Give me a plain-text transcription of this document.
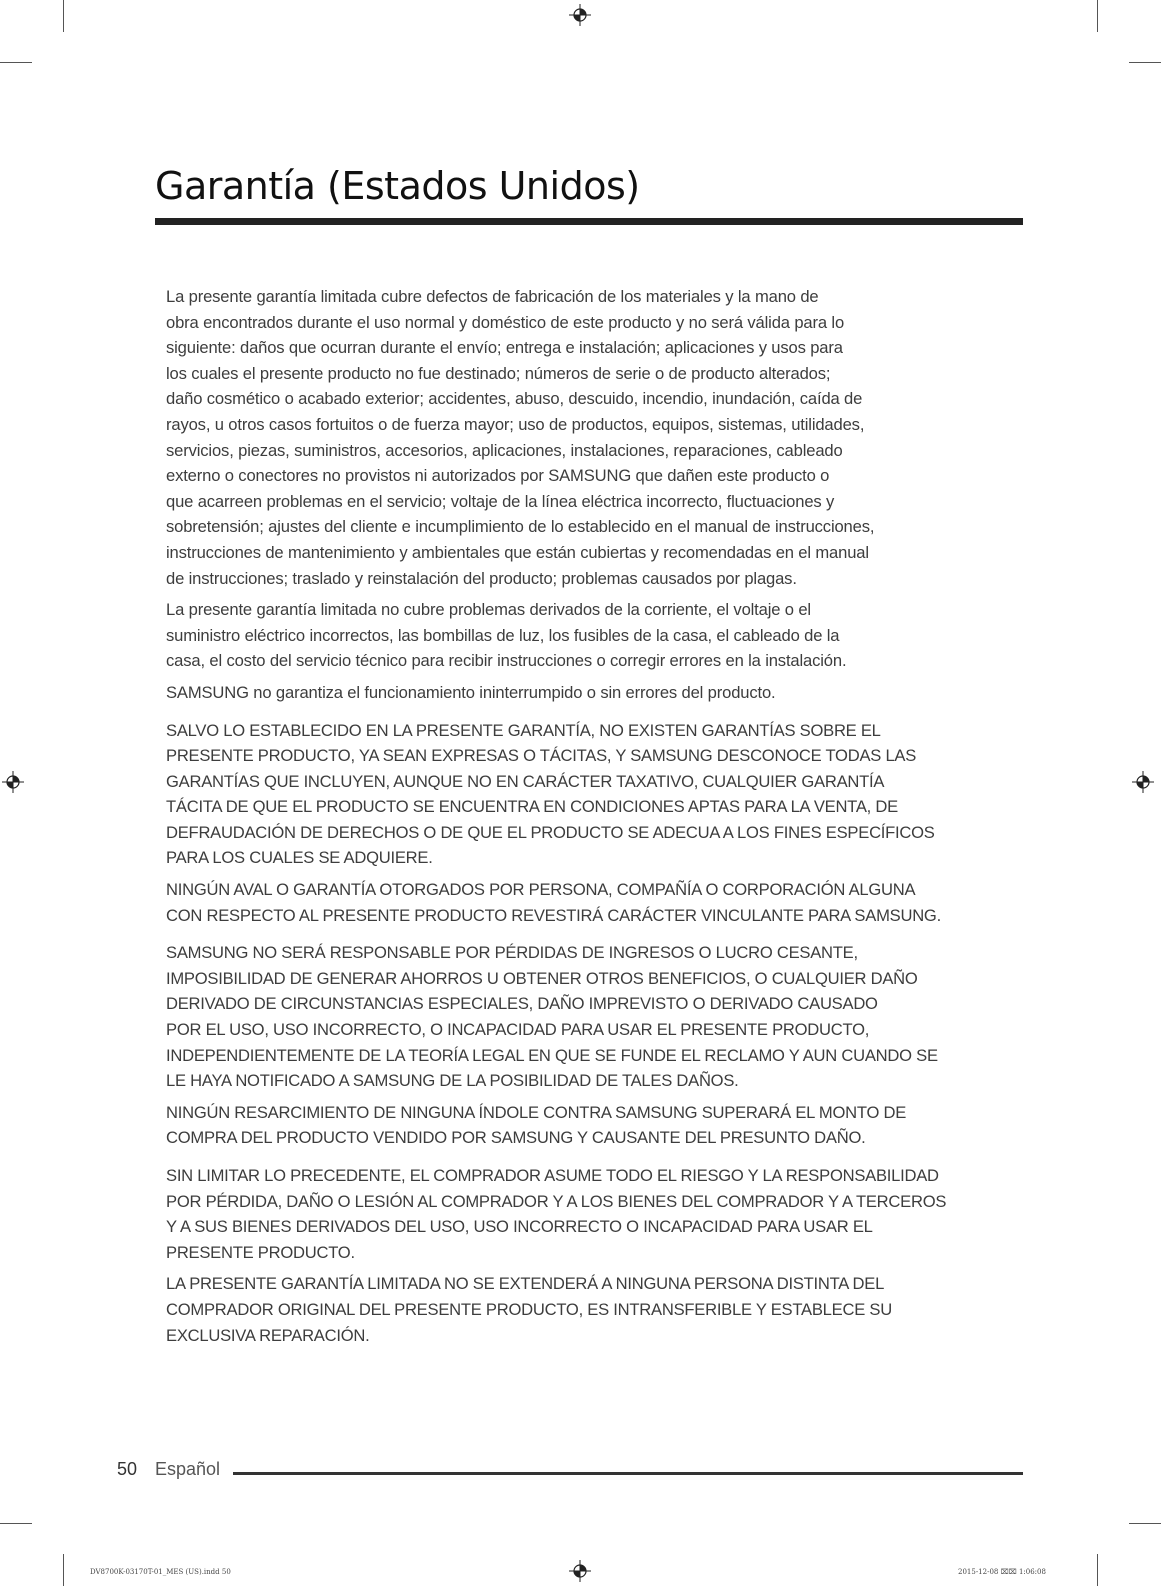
Garantía (Estados Unidos)

La presente garantía limitada cubre defectos de fabricación de los materiales y la mano de
obra encontrados durante el uso normal y doméstico de este producto y no será válida para lo
siguiente: daños que ocurran durante el envío; entrega e instalación; aplicaciones y usos para
los cuales el presente producto no fue destinado; números de serie o de producto alterados;
daño cosmético o acabado exterior; accidentes, abuso, descuido, incendio, inundación, caída de
rayos, u otros casos fortuitos o de fuerza mayor; uso de productos, equipos, sistemas, utilidades,
servicios, piezas, suministros, accesorios, aplicaciones, instalaciones, reparaciones, cableado
externo o conectores no provistos ni autorizados por SAMSUNG que dañen este producto o
que acarreen problemas en el servicio; voltaje de la línea eléctrica incorrecto, fluctuaciones y
sobretensión; ajustes del cliente e incumplimiento de lo establecido en el manual de instrucciones,
instrucciones de mantenimiento y ambientales que están cubiertas y recomendadas en el manual
de instrucciones; traslado y reinstalación del producto; problemas causados por plagas.

La presente garantía limitada no cubre problemas derivados de la corriente, el voltaje o el
suministro eléctrico incorrectos, las bombillas de luz, los fusibles de la casa, el cableado de la
casa, el costo del servicio técnico para recibir instrucciones o corregir errores en la instalación.

SAMSUNG no garantiza el funcionamiento ininterrumpido o sin errores del producto.

SALVO LO ESTABLECIDO EN LA PRESENTE GARANTÍA, NO EXISTEN GARANTÍAS SOBRE EL
PRESENTE PRODUCTO, YA SEAN EXPRESAS O TÁCITAS, Y SAMSUNG DESCONOCE TODAS LAS
GARANTÍAS QUE INCLUYEN, AUNQUE NO EN CARÁCTER TAXATIVO, CUALQUIER GARANTÍA
TÁCITA DE QUE EL PRODUCTO SE ENCUENTRA EN CONDICIONES APTAS PARA LA VENTA, DE
DEFRAUDACIÓN DE DERECHOS O DE QUE EL PRODUCTO SE ADECUA A LOS FINES ESPECÍFICOS
PARA LOS CUALES SE ADQUIERE.

NINGÚN AVAL O GARANTÍA OTORGADOS POR PERSONA, COMPAÑÍA O CORPORACIÓN ALGUNA
CON RESPECTO AL PRESENTE PRODUCTO REVESTIRÁ CARÁCTER VINCULANTE PARA SAMSUNG.

SAMSUNG NO SERÁ RESPONSABLE POR PÉRDIDAS DE INGRESOS O LUCRO CESANTE,
IMPOSIBILIDAD DE GENERAR AHORROS U OBTENER OTROS BENEFICIOS, O CUALQUIER DAÑO
DERIVADO DE CIRCUNSTANCIAS ESPECIALES, DAÑO IMPREVISTO O DERIVADO CAUSADO
POR EL USO, USO INCORRECTO, O INCAPACIDAD PARA USAR EL PRESENTE PRODUCTO,
INDEPENDIENTEMENTE DE LA TEORÍA LEGAL EN QUE SE FUNDE EL RECLAMO Y AUN CUANDO SE
LE HAYA NOTIFICADO A SAMSUNG DE LA POSIBILIDAD DE TALES DAÑOS.

NINGÚN RESARCIMIENTO DE NINGUNA ÍNDOLE CONTRA SAMSUNG SUPERARÁ EL MONTO DE
COMPRA DEL PRODUCTO VENDIDO POR SAMSUNG Y CAUSANTE DEL PRESUNTO DAÑO.

SIN LIMITAR LO PRECEDENTE, EL COMPRADOR ASUME TODO EL RIESGO Y LA RESPONSABILIDAD
POR PÉRDIDA, DAÑO O LESIÓN AL COMPRADOR Y A LOS BIENES DEL COMPRADOR Y A TERCEROS
Y A SUS BIENES DERIVADOS DEL USO, USO INCORRECTO O INCAPACIDAD PARA USAR EL
PRESENTE PRODUCTO.

LA PRESENTE GARANTÍA LIMITADA NO SE EXTENDERÁ A NINGUNA PERSONA DISTINTA DEL
COMPRADOR ORIGINAL DEL PRESENTE PRODUCTO, ES INTRANSFERIBLE Y ESTABLECE SU
EXCLUSIVA REPARACIÓN.

50 Español
DV8700K-03170T-01_MES (US).indd 50	2015-12-08 ⌧⌧ 1:06:08
